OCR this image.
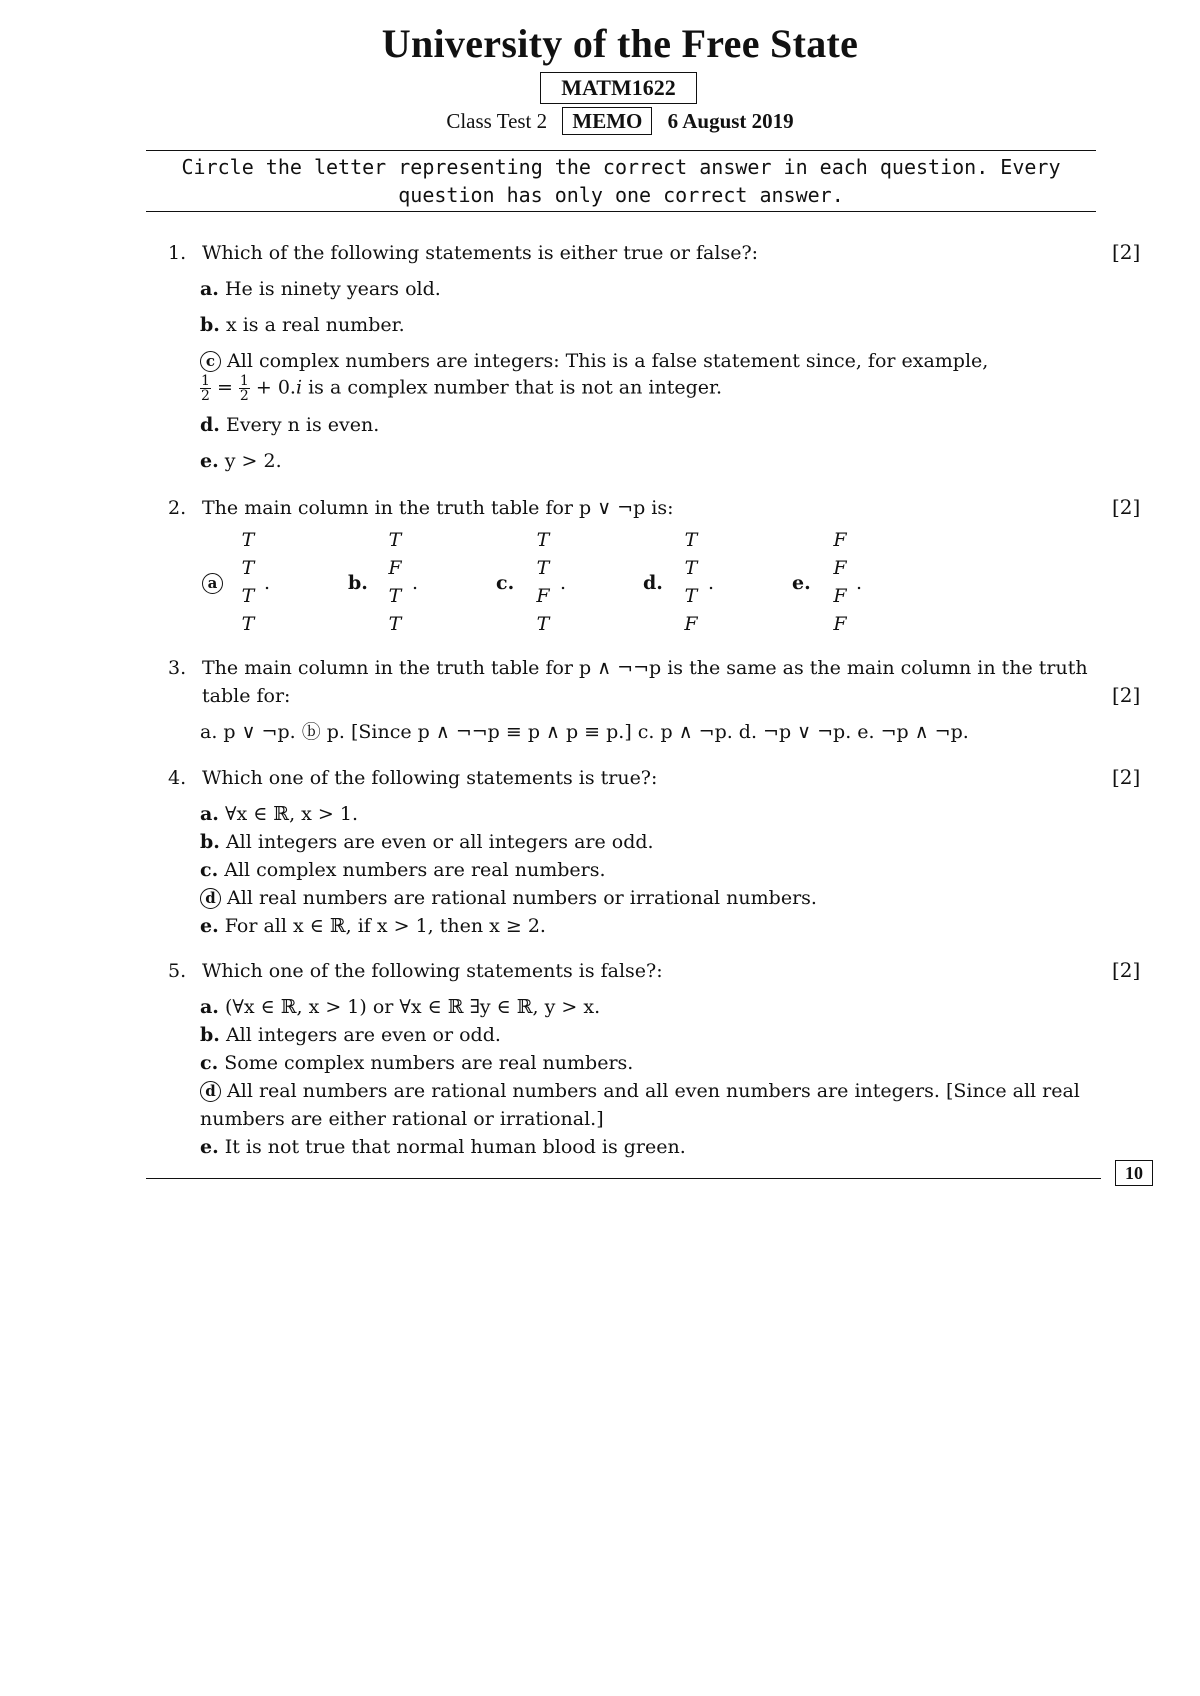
University of the Free State
MATM1622
Class Test 2 MEMO 6 August 2019
Circle the letter representing the correct answer in each question. Every question has only one correct answer.
1. Which of the following statements is either true or false?:	[2]
a. He is ninety years old.
b. x is a real number.
c All complex numbers are integers: This is a false statement since, for example,
$\frac{1}{2} = \frac{1}{2} + 0.i$ is a complex number that is not an integer.
d. Every n is even.
e. y > 2.
2. The main column in the truth table for p ∨ ¬p is:	[2]
a
T
T
T
T
.	b.
T
F
T
T
.	c.
T
T
F
T
.	d.
T
T
T
F
.	e.
F
F
F
F
.
3. The main column in the truth table for p ∧ ¬¬p is the same as the main column in the truth
table for:	[2]
a. p ∨ ¬p. ⓑ p. [Since p ∧ ¬¬p ≡ p ∧ p ≡ p.] c. p ∧ ¬p. d. ¬p ∨ ¬p. e. ¬p ∧ ¬p.
4. Which one of the following statements is true?:	[2]
a. ∀x ∈ ℝ, x > 1.
b. All integers are even or all integers are odd.
c. All complex numbers are real numbers.
d All real numbers are rational numbers or irrational numbers.
e. For all x ∈ ℝ, if x > 1, then x ≥ 2.
5. Which one of the following statements is false?:	[2]
a. (∀x ∈ ℝ, x > 1) or ∀x ∈ ℝ ∃y ∈ ℝ, y > x.
b. All integers are even or odd.
c. Some complex numbers are real numbers.
d All real numbers are rational numbers and all even numbers are integers. [Since all real
numbers are either rational or irrational.]
e. It is not true that normal human blood is green.
10
